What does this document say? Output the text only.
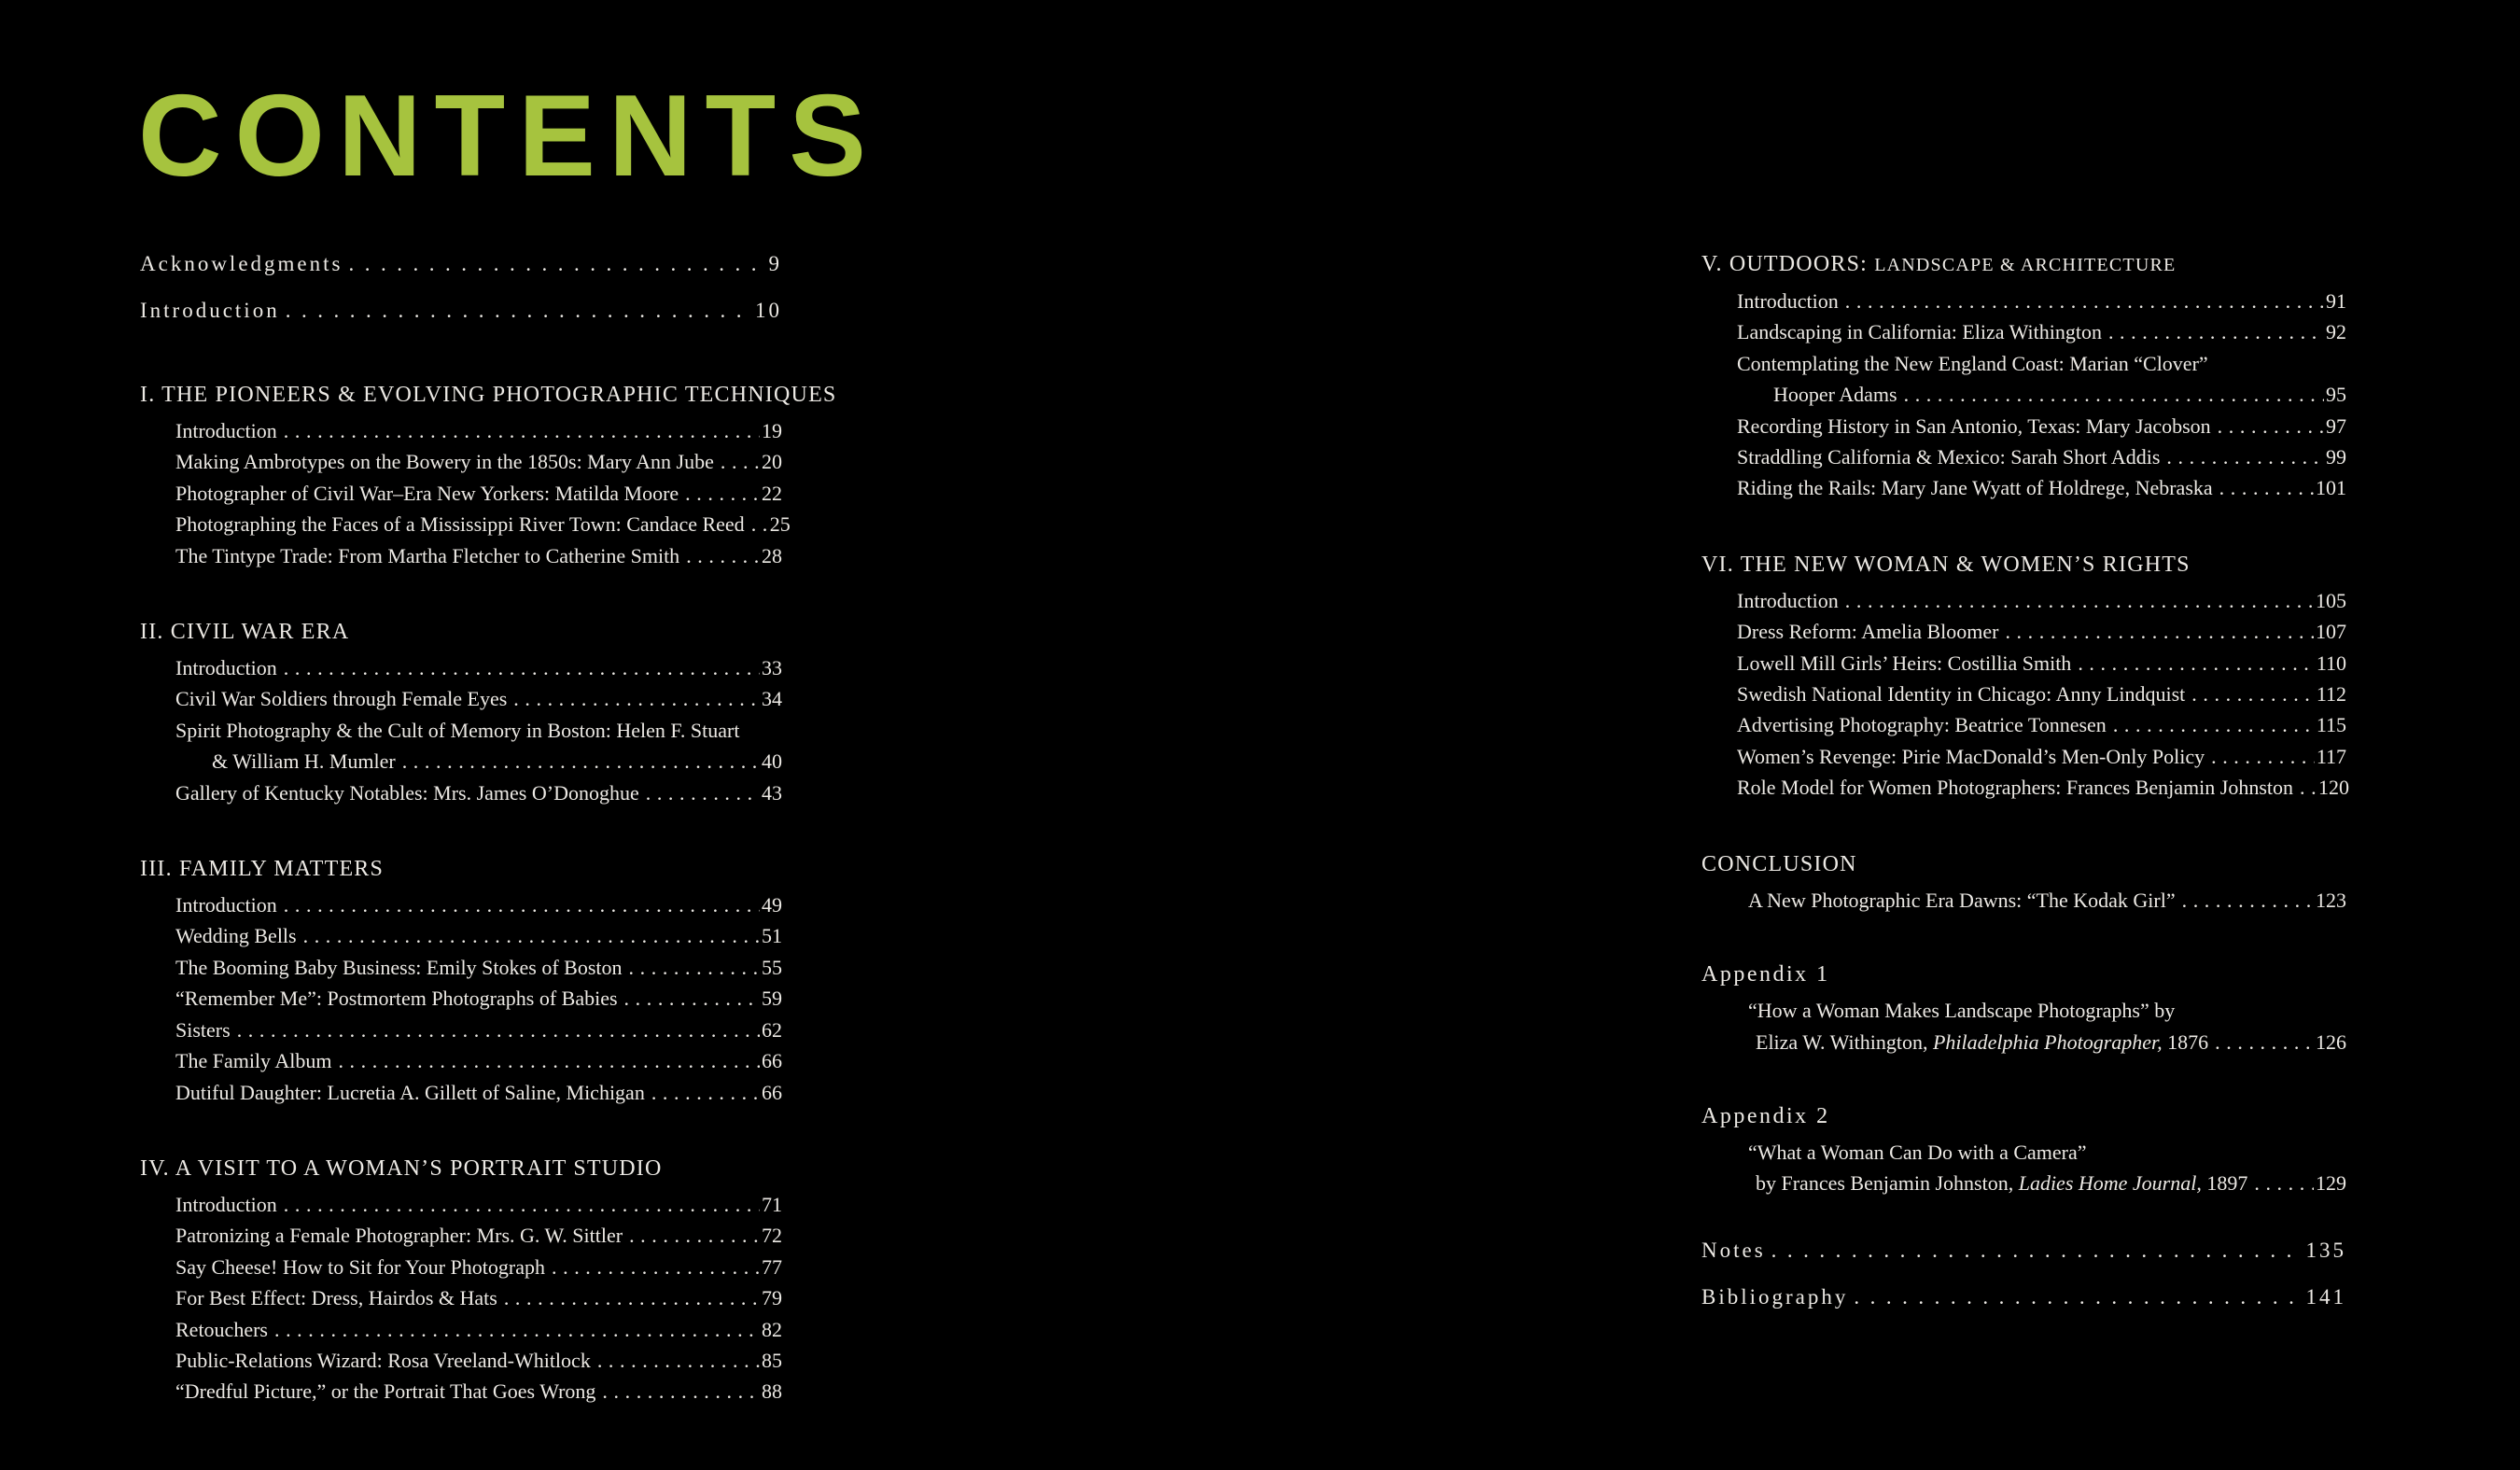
CONTENTS
Acknowledgments .....	9
Introduction .....	10
I. THE PIONEERS & EVOLVING PHOTOGRAPHIC TECHNIQUES
Introduction .....	19
Making Ambrotypes on the Bowery in the 1850s: Mary Ann Jube ..... 20
Photographer of Civil War–Era New Yorkers: Matilda Moore .....	22
Photographing the Faces of a Mississippi River Town: Candace Reed ..... 25
The Tintype Trade: From Martha Fletcher to Catherine Smith .....	28
II. CIVIL WAR ERA
Introduction .....	33
Civil War Soldiers through Female Eyes .....	34
Spirit Photography & the Cult of Memory in Boston: Helen F. Stuart
& William H. Mumler .....	40
Gallery of Kentucky Notables: Mrs. James O’Donoghue .....	43
III. FAMILY MATTERS
Introduction .....	49
Wedding Bells .....	51
The Booming Baby Business: Emily Stokes of Boston .....	55
“Remember Me”: Postmortem Photographs of Babies .....	59
Sisters .....	62
The Family Album .....	66
Dutiful Daughter: Lucretia A. Gillett of Saline, Michigan .....	66
IV. A VISIT TO A WOMAN’S PORTRAIT STUDIO
Introduction .....	71
Patronizing a Female Photographer: Mrs. G. W. Sittler .....	72
Say Cheese! How to Sit for Your Photograph .....	77
For Best Effect: Dress, Hairdos & Hats .....	79
Retouchers .....	82
Public-Relations Wizard: Rosa Vreeland-Whitlock .....	85
“Dredful Picture,” or the Portrait That Goes Wrong .....	88
V. OUTDOORS: LANDSCAPE & ARCHITECTURE
Introduction .....	91
Landscaping in California: Eliza Withington .....	92
Contemplating the New England Coast: Marian “Clover”
Hooper Adams .....	95
Recording History in San Antonio, Texas: Mary Jacobson .....	97
Straddling California & Mexico: Sarah Short Addis .....	99
Riding the Rails: Mary Jane Wyatt of Holdrege, Nebraska .....	101
VI. THE NEW WOMAN & WOMEN’S RIGHTS
Introduction .....	105
Dress Reform: Amelia Bloomer .....	107
Lowell Mill Girls’ Heirs: Costillia Smith .....	110
Swedish National Identity in Chicago: Anny Lindquist .....	112
Advertising Photography: Beatrice Tonnesen .....	115
Women’s Revenge: Pirie MacDonald’s Men-Only Policy .....	117
Role Model for Women Photographers: Frances Benjamin Johnston ..... 120
CONCLUSION
A New Photographic Era Dawns: “The Kodak Girl” .....	123
Appendix 1
“How a Woman Makes Landscape Photographs” by
Eliza W. Withington, Philadelphia Photographer, 1876 .....	126
Appendix 2
“What a Woman Can Do with a Camera”
by Frances Benjamin Johnston, Ladies Home Journal, 1897 .....	129
Notes .....	135
Bibliography .....	141
